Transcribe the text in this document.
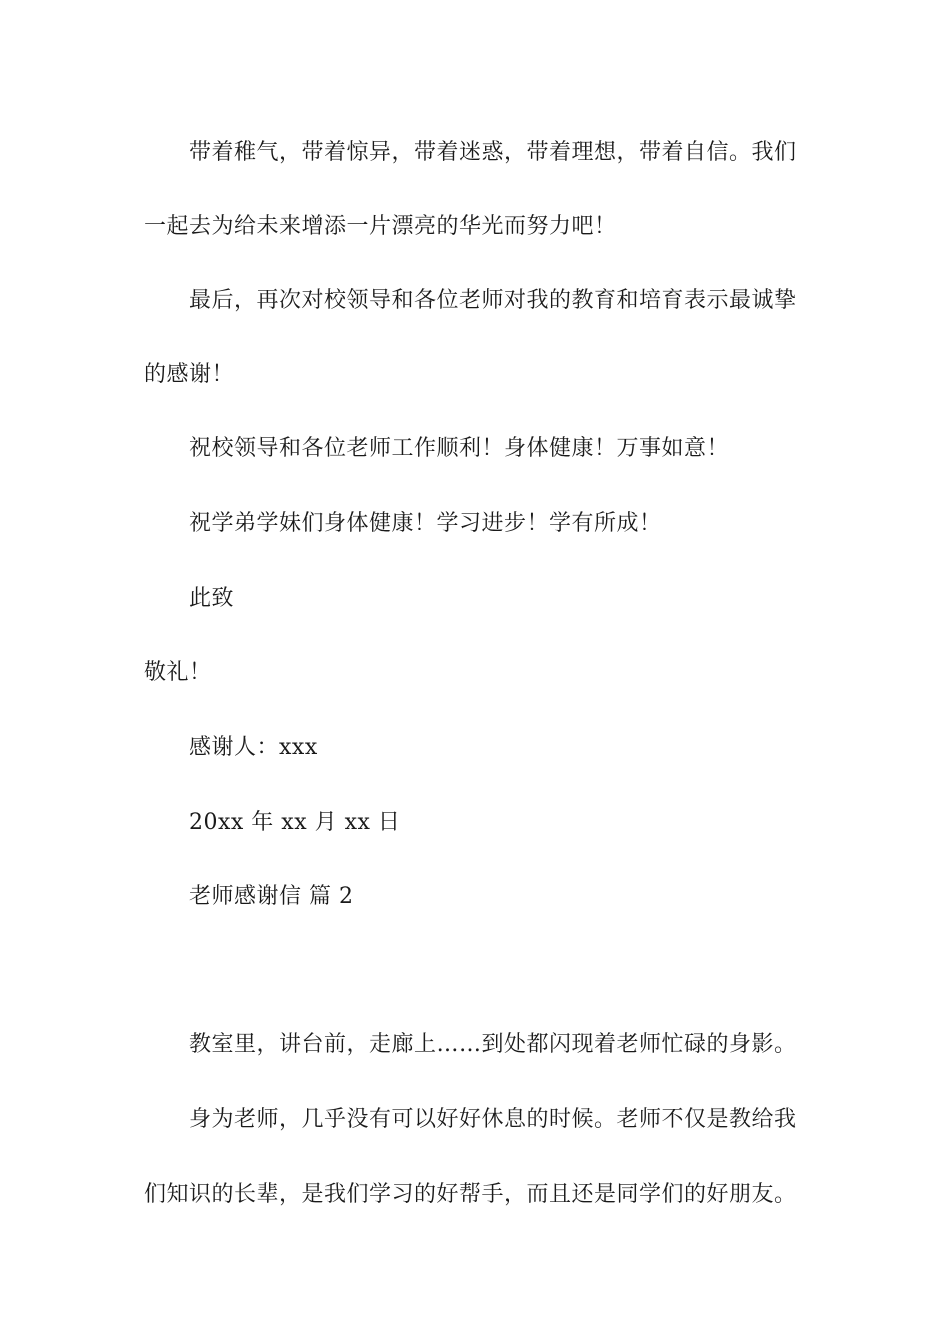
带着稚气，带着惊异，带着迷惑，带着理想，带着自信。我们
一起去为给未来增添一片漂亮的华光而努力吧！
最后，再次对校领导和各位老师对我的教育和培育表示最诚挚
的感谢！
祝校领导和各位老师工作顺利！身体健康！万事如意！
祝学弟学妹们身体健康！学习进步！学有所成！
此致
敬礼！
感谢人：xxx
20xx 年 xx 月 xx 日
老师感谢信 篇 2
教室里，讲台前，走廊上……到处都闪现着老师忙碌的身影。
身为老师，几乎没有可以好好休息的时候。老师不仅是教给我
们知识的长辈，是我们学习的好帮手，而且还是同学们的好朋友。
